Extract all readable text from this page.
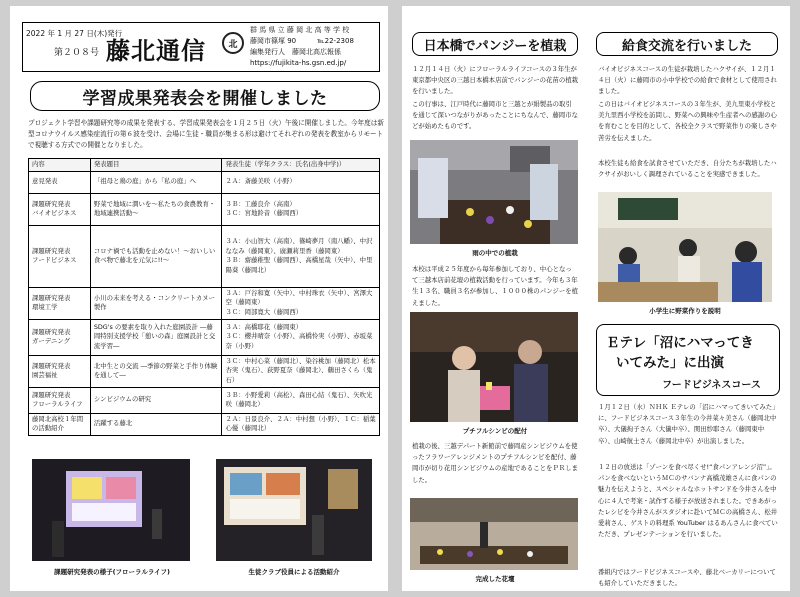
2022 年 1 月 27 日(木)発行
第２０８号 藤北通信 北
群 馬 県 立 藤 岡 北 高 等 学 校
藤岡市篠塚 90　　　℡22-2308
編集発行人　藤岡北高広報係
https://fujikita-hs.gsn.ed.jp/
学習成果発表会を開催しました
プロジェクト学習や課題研究等の成果を発表する、学習成果発表会を１月２５日（火）午後に開催しました。今年度は新型コロナウイルス感染症流行の第６波を受け、会場に生徒・職員が集まる形は避けてそれぞれの発表を教室からリモートで視聴する方式での開催となりました。
内容	発表題目	発表生徒（学年クラス：氏名(出身中学)）
意見発表	「祖母と鶏の庭」から「私の庭」へ	２Ａ：斎藤美咲（小野）
課題研究発表
バイオビジネス	野菜で地域に潤いを～私たちの食農教育・地域連携活動～	３Ｂ：工藤良介（高南）
３Ｃ：宮地鈴音（藤岡西）
課題研究発表
フードビジネス	コロナ禍でも活動を止めない！～おいしい食べ物で藤北を元気に!!～	３Ａ：小山智大（高南）、篠崎夢月（南八幡）、中沢ななみ（藤岡東）、廣瀬莉里香（藤岡東）
３Ｂ：齋藤稚聖（藤岡西）、高橋星哉（矢中）、中里陽葵（藤岡北）
課題研究発表
環境工学	小川の未来を考える・コンクリートカヌー製作	３Ａ：戸谷和寛（矢中）、中村珠衣（矢中）、宮澤大空（藤岡東）
３Ｃ：岡部寛大（藤岡西）
課題研究発表
ガーデニング	SDG's の要素を取り入れた庭園設計 ―藤岡特別支援学校「憩いの森」庭園設計と交流学習―	３Ａ：高橋耶花（藤岡東）
３Ｃ：櫻井晴奈（小野）、高橋怜実（小野）、赤坂菜奈（小野）
課題研究発表
園芸福祉	北中生との交流 ―季節の野菜と手作り体験を通して―	３Ｃ：中村心菜（藤岡北）、染谷桃加（藤岡北）松本杏実（鬼石）、荻野夏奈（藤岡北）、鶴田さくら（鬼石）
課題研究発表
フローラルライフ	シンビジウムの研究	３Ｂ：小野愛莉（高松）、森田心結（鬼石）、矢吹光咲（藤岡北）
藤岡北高校１年間の活動紹介	活躍する藤北	２Ａ：日景良介、２Ａ：中村想（小野）、１Ｃ：稲葉心優（藤岡北）
課題研究発表の様子(フローラルライフ)	生徒クラブ役員による活動紹介
日本橋でパンジーを植栽
１２月１４日（火）にフローラルライフコースの３年生が東京都中央区の三越日本橋本店前でパンジーの花苗の植栽を行いました。
この行事は、江戸時代に藤岡市と三越とが絹製品の取引を通じて深いつながりがあったことにちなんで、藤岡市などが始めたものです。
雨の中での植栽
本校は平成２５年度から毎年参加しており、中心となって三越本店前花壇の植栽活動を行っています。今年も３年生１３名、職員３名が参加し、１０００株のパンジーを植えました。
プチフルシンビの配付
植栽の後、三越デパート新館前で藤岡産シンビジウムを使ったフラワーアレンジメントのプチフルシンビを配付、藤岡市が切り花用シンビジウムの産地であることをＰＲしました。
完成した花壇
給食交流を行いました
バイオビジネスコースの生徒が栽培したハクサイが、１２月１４日（火）に藤岡市の小中学校での給食で食材として使用されました。
この日はバイオビジネスコースの３年生が、美九里東小学校と美九里西小学校を訪問し、野菜への興味や生産者への感謝の心を育むことを目的として、各校全クラスで野菜作りの楽しさや苦労を伝えました。
本校生徒も給食を試食させていただき、自分たちが栽培したハクサイがおいしく調理されていることを実感できました。
小学生に野菜作りを説明
Ｅテレ「沼にハマってき
いてみた」に出演
フードビジネスコース
１月１２日（水）ＮＨＫ Ｅテレの「沼にハマってきいてみた」に、フードビジネスコース３年生の今井菜々美さん（藤岡北中卒）、大儀拘子さん（大儀中卒）、関田紗耶さん（藤岡東中卒）、山崎航士さん（藤岡北中卒）が出演しました。
１２日の放送は「ゾーンを食べ尽くせ!“食パンアレンジ沼”」。パンを食べないというＭＣのサバンナ高橋茂雄さんに食パンの魅力を伝えようと、スペシャルなホットサンドを今井さんを中心に４人で考案・試作する様子が放送されました。できあがったレシピを今井さんがスタジオに赴いてＭＣの高橋さん、松井愛莉さん、ゲストの料理系 YouTuber はるあんさんに食べていただき、プレゼンテーションを行いました。
番組内ではフードビジネスコースや、藤北ベーカリーについても紹介していただきました。
